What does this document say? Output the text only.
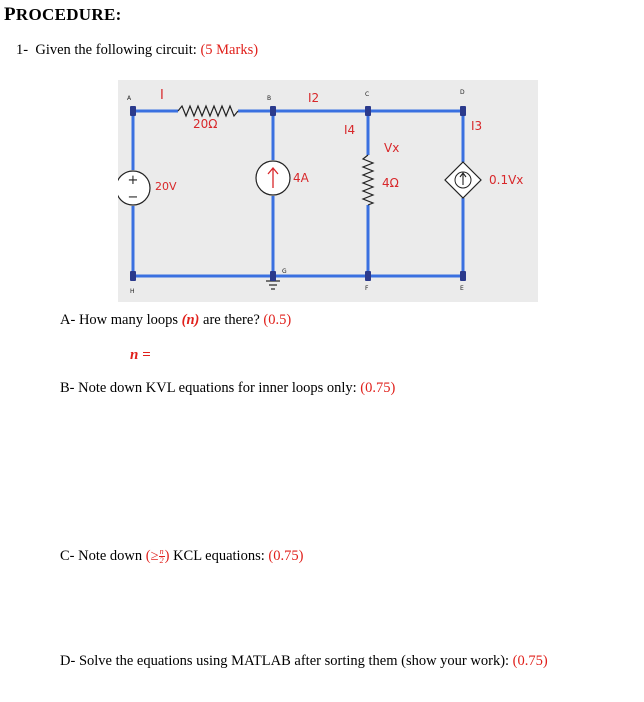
PROCEDURE:
1- Given the following circuit: (5 Marks)
+
−
A	B
C	D
H
G
F	E
I	I2
I4	I3
20Ω
4Ω
Vx
20V
4A	0.1Vx
A- How many loops (n) are there? (0.5)
n =
B- Note down KVL equations for inner loops only: (0.75)
C- Note down (≥ $\frac{n}{2}$ ) KCL equations: (0.75)
D- Solve the equations using MATLAB after sorting them (show your work): (0.75)
